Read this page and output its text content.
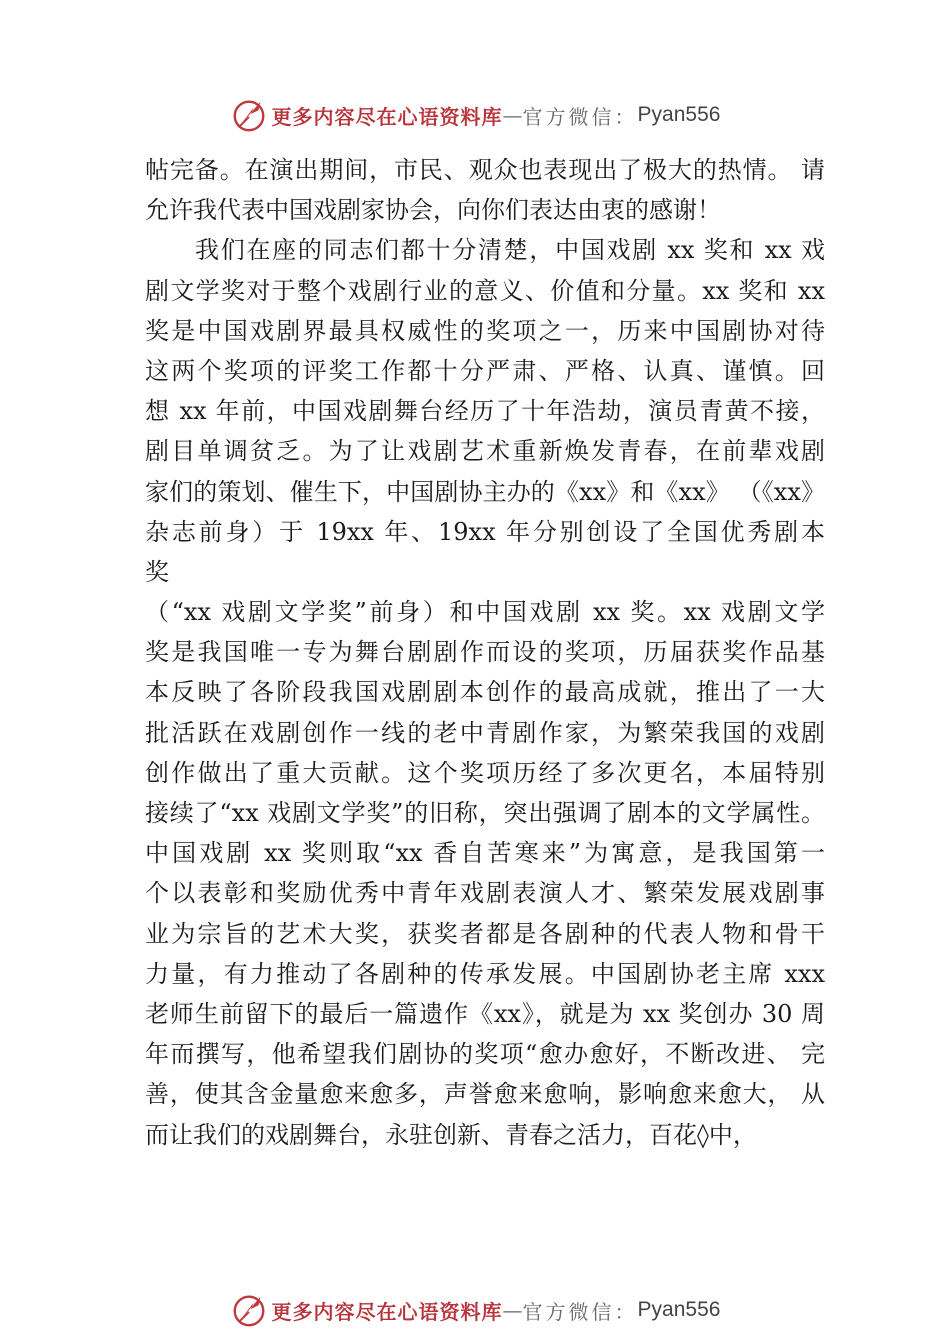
更多内容尽在心语资料库 — 官方微信： Pyan556
帖完备。在演出期间，市民、观众也表现出了极大的热情。 请
允许我代表中国戏剧家协会，向你们表达由衷的感谢！
我们在座的同志们都十分清楚，中国戏剧 xx 奖和 xx 戏
剧文学奖对于整个戏剧行业的意义、价值和分量。xx 奖和 xx
奖是中国戏剧界最具权威性的奖项之一，历来中国剧协对待
这两个奖项的评奖工作都十分严肃、严格、认真、谨慎。回
想 xx 年前，中国戏剧舞台经历了十年浩劫，演员青黄不接，
剧目单调贫乏。为了让戏剧艺术重新焕发青春，在前辈戏剧
家们的策划、催生下，中国剧协主办的《xx》和《xx》 （《xx》
杂志前身）于 19xx 年、19xx 年分别创设了全国优秀剧本
奖
（“xx 戏剧文学奖”前身）和中国戏剧 xx 奖。xx 戏剧文学
奖是我国唯一专为舞台剧剧作而设的奖项，历届获奖作品基
本反映了各阶段我国戏剧剧本创作的最高成就，推出了一大
批活跃在戏剧创作一线的老中青剧作家，为繁荣我国的戏剧
创作做出了重大贡献。这个奖项历经了多次更名，本届特别
接续了“xx 戏剧文学奖”的旧称，突出强调了剧本的文学属性。
中国戏剧 xx 奖则取“xx 香自苦寒来”为寓意，是我国第一
个以表彰和奖励优秀中青年戏剧表演人才、繁荣发展戏剧事
业为宗旨的艺术大奖，获奖者都是各剧种的代表人物和骨干
力量，有力推动了各剧种的传承发展。中国剧协老主席 xxx
老师生前留下的最后一篇遗作《xx》，就是为 xx 奖创办 30 周
年而撰写，他希望我们剧协的奖项“愈办愈好，不断改进、 完
善，使其含金量愈来愈多，声誉愈来愈响，影响愈来愈大， 从
而让我们的戏剧舞台，永驻创新、青春之活力，百花◊中，
更多内容尽在心语资料库 — 官方微信： Pyan556
